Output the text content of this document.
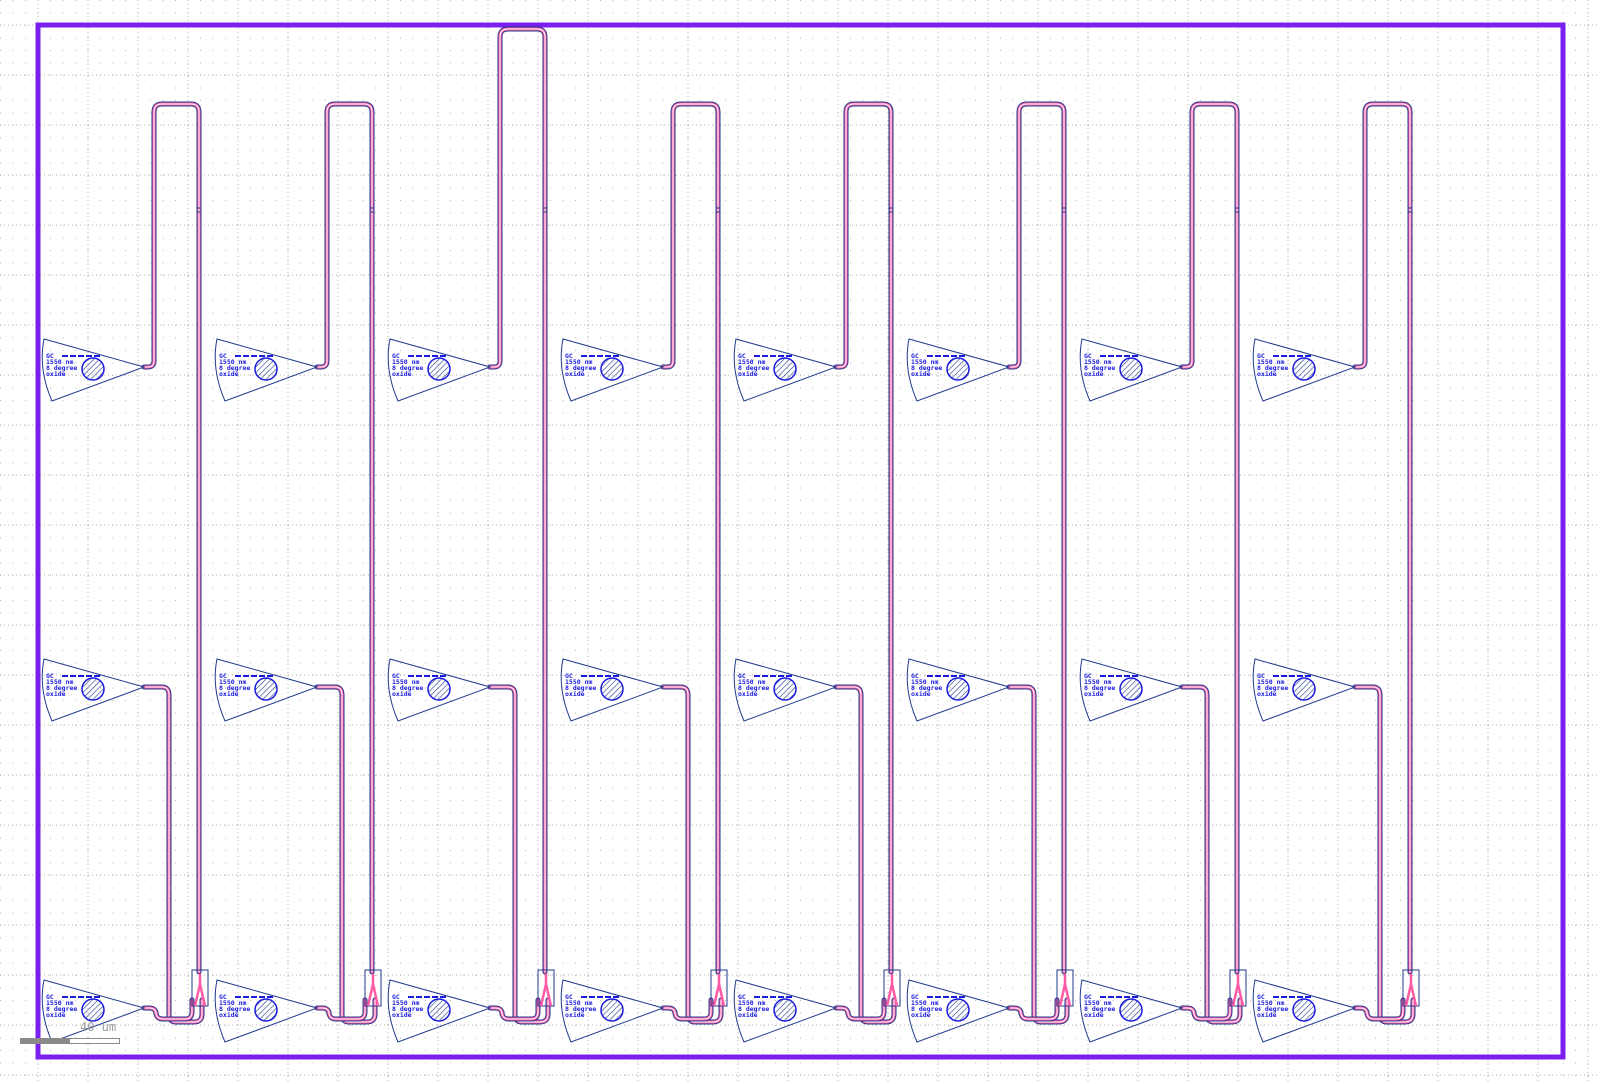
GC
1550 nm
8 degree
oxide
GC
1550 nm
8 degree
oxide
GC
1550 nm
8 degree
oxide
GC
1550 nm
8 degree
oxide
GC
1550 nm
8 degree
oxide
GC
1550 nm
8 degree
oxide
GC
1550 nm
8 degree
oxide
GC
1550 nm
8 degree
oxide
GC
1550 nm
8 degree
oxide
GC
1550 nm
8 degree
oxide
GC
1550 nm
8 degree
oxide
GC
1550 nm
8 degree
oxide
GC
1550 nm
8 degree
oxide
GC
1550 nm
8 degree
oxide
GC
1550 nm
8 degree
oxide
GC
1550 nm
8 degree
oxide
GC
1550 nm
8 degree
oxide
GC
1550 nm
8 degree
oxide
GC
1550 nm
8 degree
oxide
GC
1550 nm
8 degree
oxide
GC
1550 nm
8 degree
oxide
GC
1550 nm
8 degree
oxide
GC
1550 nm
8 degree
oxide
GC
1550 nm
8 degree
oxide
40 um
